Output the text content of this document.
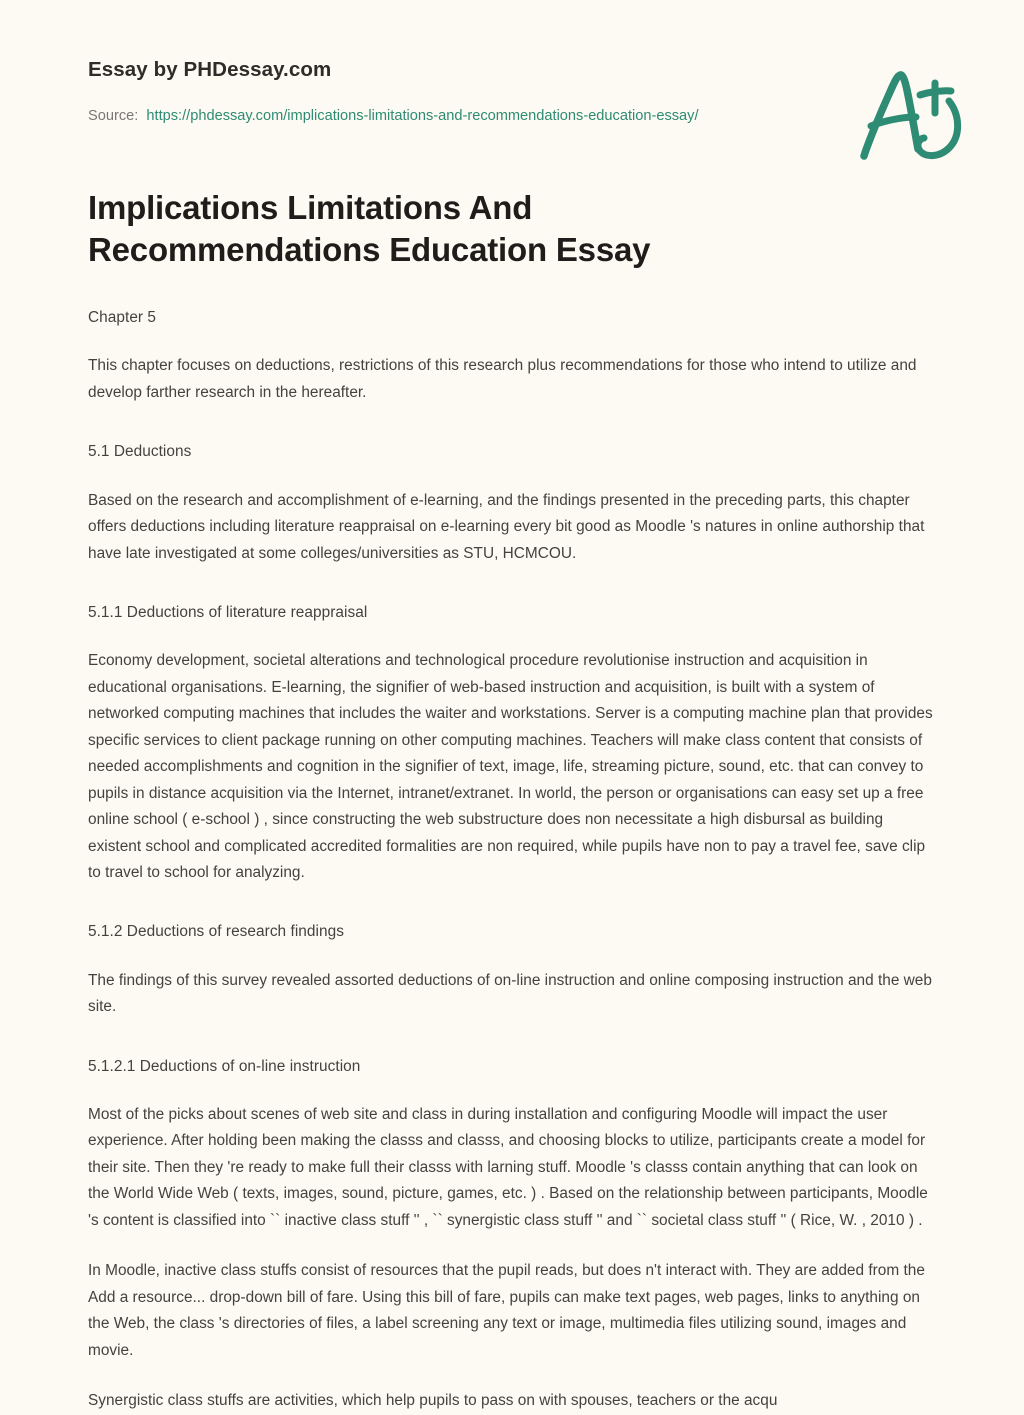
Essay by PHDessay.com
Source: https://phdessay.com/implications-limitations-and-recommendations-education-essay/
Implications Limitations And Recommendations Education Essay
Chapter 5

This chapter focuses on deductions, restrictions of this research plus recommendations for those who intend to utilize and develop farther research in the hereafter.

5.1 Deductions

Based on the research and accomplishment of e-learning, and the findings presented in the preceding parts, this chapter offers deductions including literature reappraisal on e-learning every bit good as Moodle 's natures in online authorship that have late investigated at some colleges/universities as STU, HCMCOU.

5.1.1 Deductions of literature reappraisal

Economy development, societal alterations and technological procedure revolutionise instruction and acquisition in educational organisations. E-learning, the signifier of web-based instruction and acquisition, is built with a system of networked computing machines that includes the waiter and workstations. Server is a computing machine plan that provides specific services to client package running on other computing machines. Teachers will make class content that consists of needed accomplishments and cognition in the signifier of text, image, life, streaming picture, sound, etc. that can convey to pupils in distance acquisition via the Internet, intranet/extranet. In world, the person or organisations can easy set up a free online school ( e-school ) , since constructing the web substructure does non necessitate a high disbursal as building existent school and complicated accredited formalities are non required, while pupils have non to pay a travel fee, save clip to travel to school for analyzing.

5.1.2 Deductions of research findings

The findings of this survey revealed assorted deductions of on-line instruction and online composing instruction and the web site.

5.1.2.1 Deductions of on-line instruction

Most of the picks about scenes of web site and class in during installation and configuring Moodle will impact the user experience. After holding been making the classs and classs, and choosing blocks to utilize, participants create a model for their site. Then they 're ready to make full their classs with larning stuff. Moodle 's classs contain anything that can look on the World Wide Web ( texts, images, sound, picture, games, etc. ) . Based on the relationship between participants, Moodle 's content is classified into `` inactive class stuff '' , `` synergistic class stuff '' and `` societal class stuff '' ( Rice, W. , 2010 ) .

In Moodle, inactive class stuffs consist of resources that the pupil reads, but does n't interact with. They are added from the Add a resource... drop-down bill of fare. Using this bill of fare, pupils can make text pages, web pages, links to anything on the Web, the class 's directories of files, a label screening any text or image, multimedia files utilizing sound, images and movie.

Synergistic class stuffs are activities, which help pupils to pass on with spouses, teachers or the acqu
